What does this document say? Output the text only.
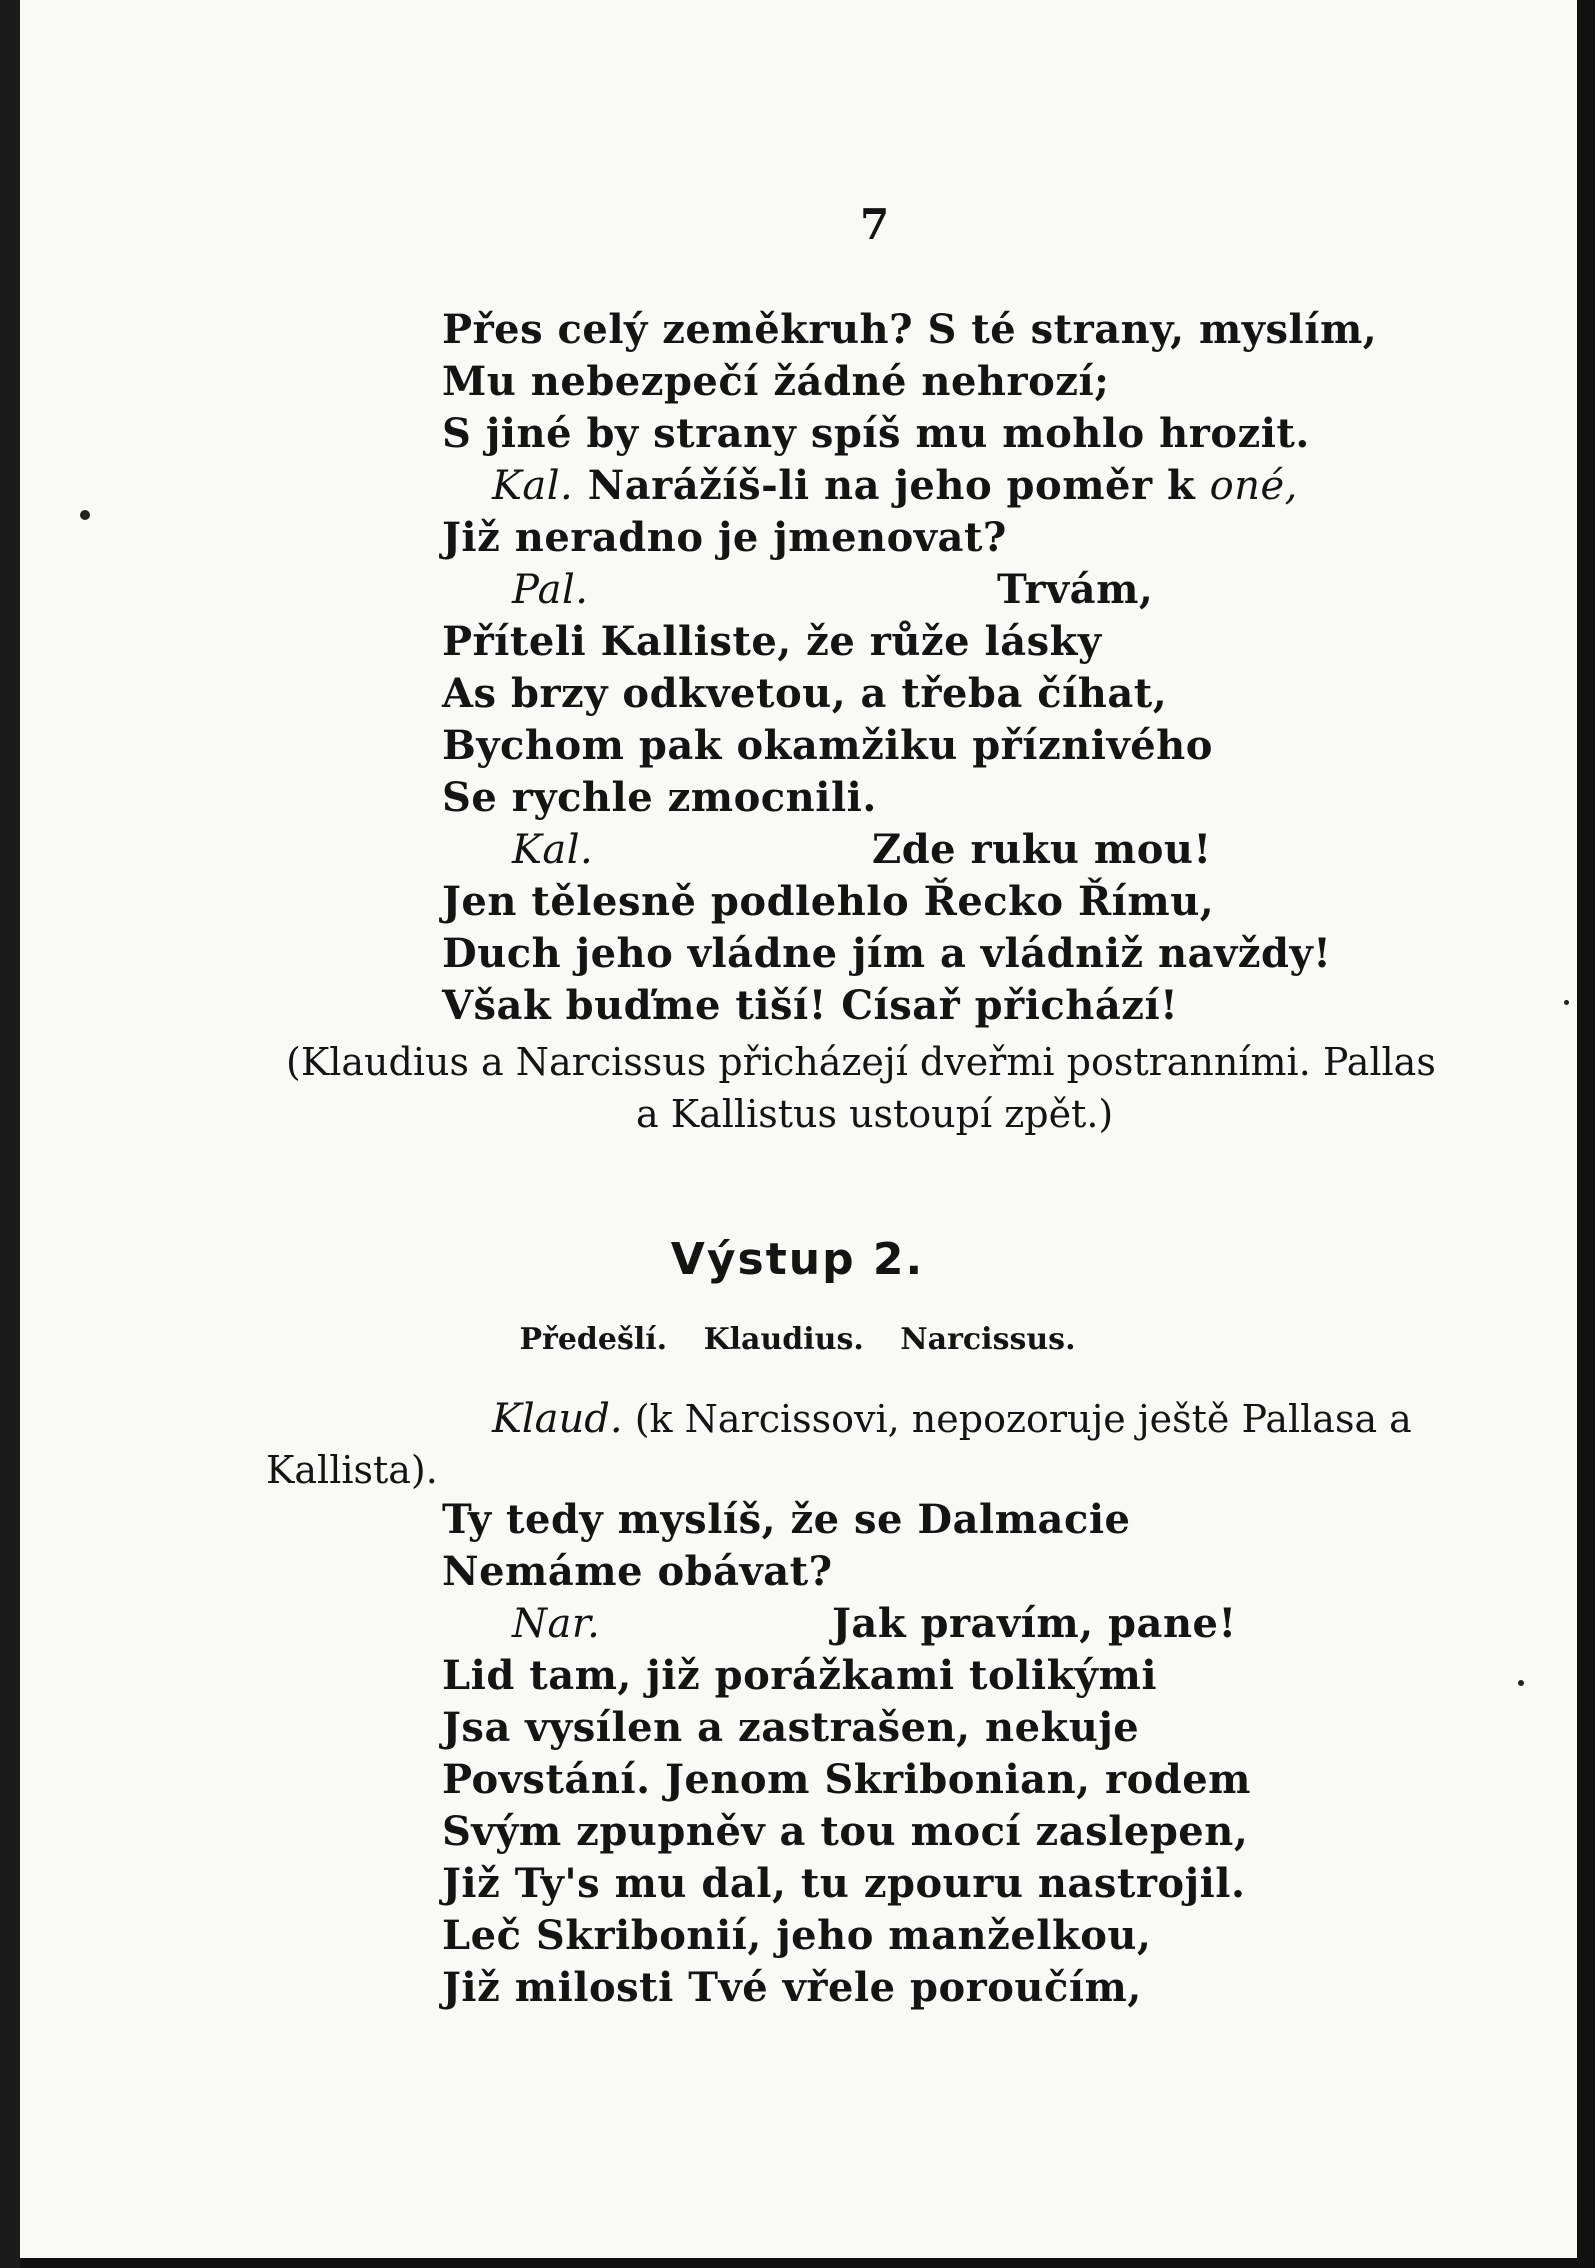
7
Přes celý zeměkruh? S té strany, myslím,
Mu nebezpečí žádné nehrozí;
S jiné by strany spíš mu mohlo hrozit.
Kal. Narážíš-li na jeho poměr k oné,
Již neradno je jmenovat?
Pal.	Trvám,
Příteli Kalliste, že růže lásky
As brzy odkvetou, a třeba číhat,
Bychom pak okamžiku příznivého
Se rychle zmocnili.
Kal.	Zde ruku mou!
Jen tělesně podlehlo Řecko Římu,
Duch jeho vládne jím a vládniž navždy!
Však buďme tiší! Císař přichází!
(Klaudius a Narcissus přicházejí dveřmi postranními. Pallas
a Kallistus ustoupí zpět.)
Výstup 2.
Předešlí. Klaudius. Narcissus.
Klaud. (k Narcissovi, nepozoruje ještě Pallasa a
Kallista).
Ty tedy myslíš, že se Dalmacie
Nemáme obávat?
Nar.	Jak pravím, pane!
Lid tam, již porážkami tolikými
Jsa vysílen a zastrašen, nekuje
Povstání. Jenom Skribonian, rodem
Svým zpupněv a tou mocí zaslepen,
Již Ty's mu dal, tu zpouru nastrojil.
Leč Skribonií, jeho manželkou,
Již milosti Tvé vřele poroučím,
